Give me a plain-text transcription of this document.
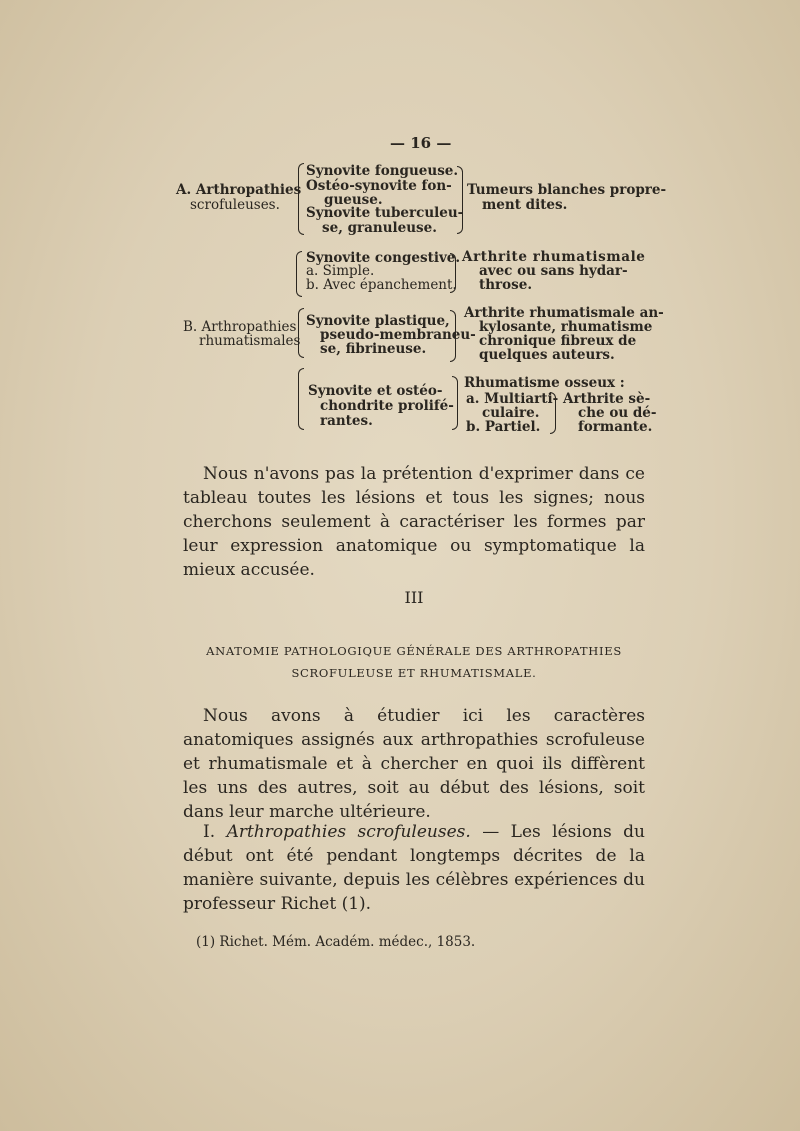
— 16 —
A. Arthropathies
scrofuleuses.
Synovite fongueuse.
Ostéo-synovite fon-
gueuse.
Synovite tuberculeu-
se, granuleuse.
Tumeurs blanches propre-
ment dites.
B. Arthropathies
rhumatismales
Synovite congestive.
a. Simple.
b. Avec épanchement.
Arthrite rhumatismale
avec ou sans hydar-
throse.
Synovite plastique,
pseudo-membraneu-
se, fibrineuse.
Arthrite rhumatismale an-
kylosante, rhumatisme
chronique fibreux de
quelques auteurs.
Synovite et ostéo-
chondrite prolifé-
rantes.
Rhumatisme osseux :
a. Multiarti-
culaire.
b. Partiel.
Arthrite sè-
che ou dé-
formante.

Nous n'avons pas la prétention d'exprimer dans ce tableau toutes les lésions et tous les signes; nous cherchons seulement à caractériser les formes par leur expression anatomique ou symptomatique la mieux accusée.

III
ANATOMIE PATHOLOGIQUE GÉNÉRALE DES ARTHROPATHIES
SCROFULEUSE ET RHUMATISMALE.

Nous avons à étudier ici les caractères anatomiques assignés aux arthropathies scrofuleuse et rhumatismale et à chercher en quoi ils diffèrent les uns des autres, soit au début des lésions, soit dans leur marche ultérieure.

I. Arthropathies scrofuleuses. — Les lésions du début ont été pendant longtemps décrites de la manière suivante, depuis les célèbres expériences du professeur Richet (1).

(1) Richet. Mém. Académ. médec., 1853.
